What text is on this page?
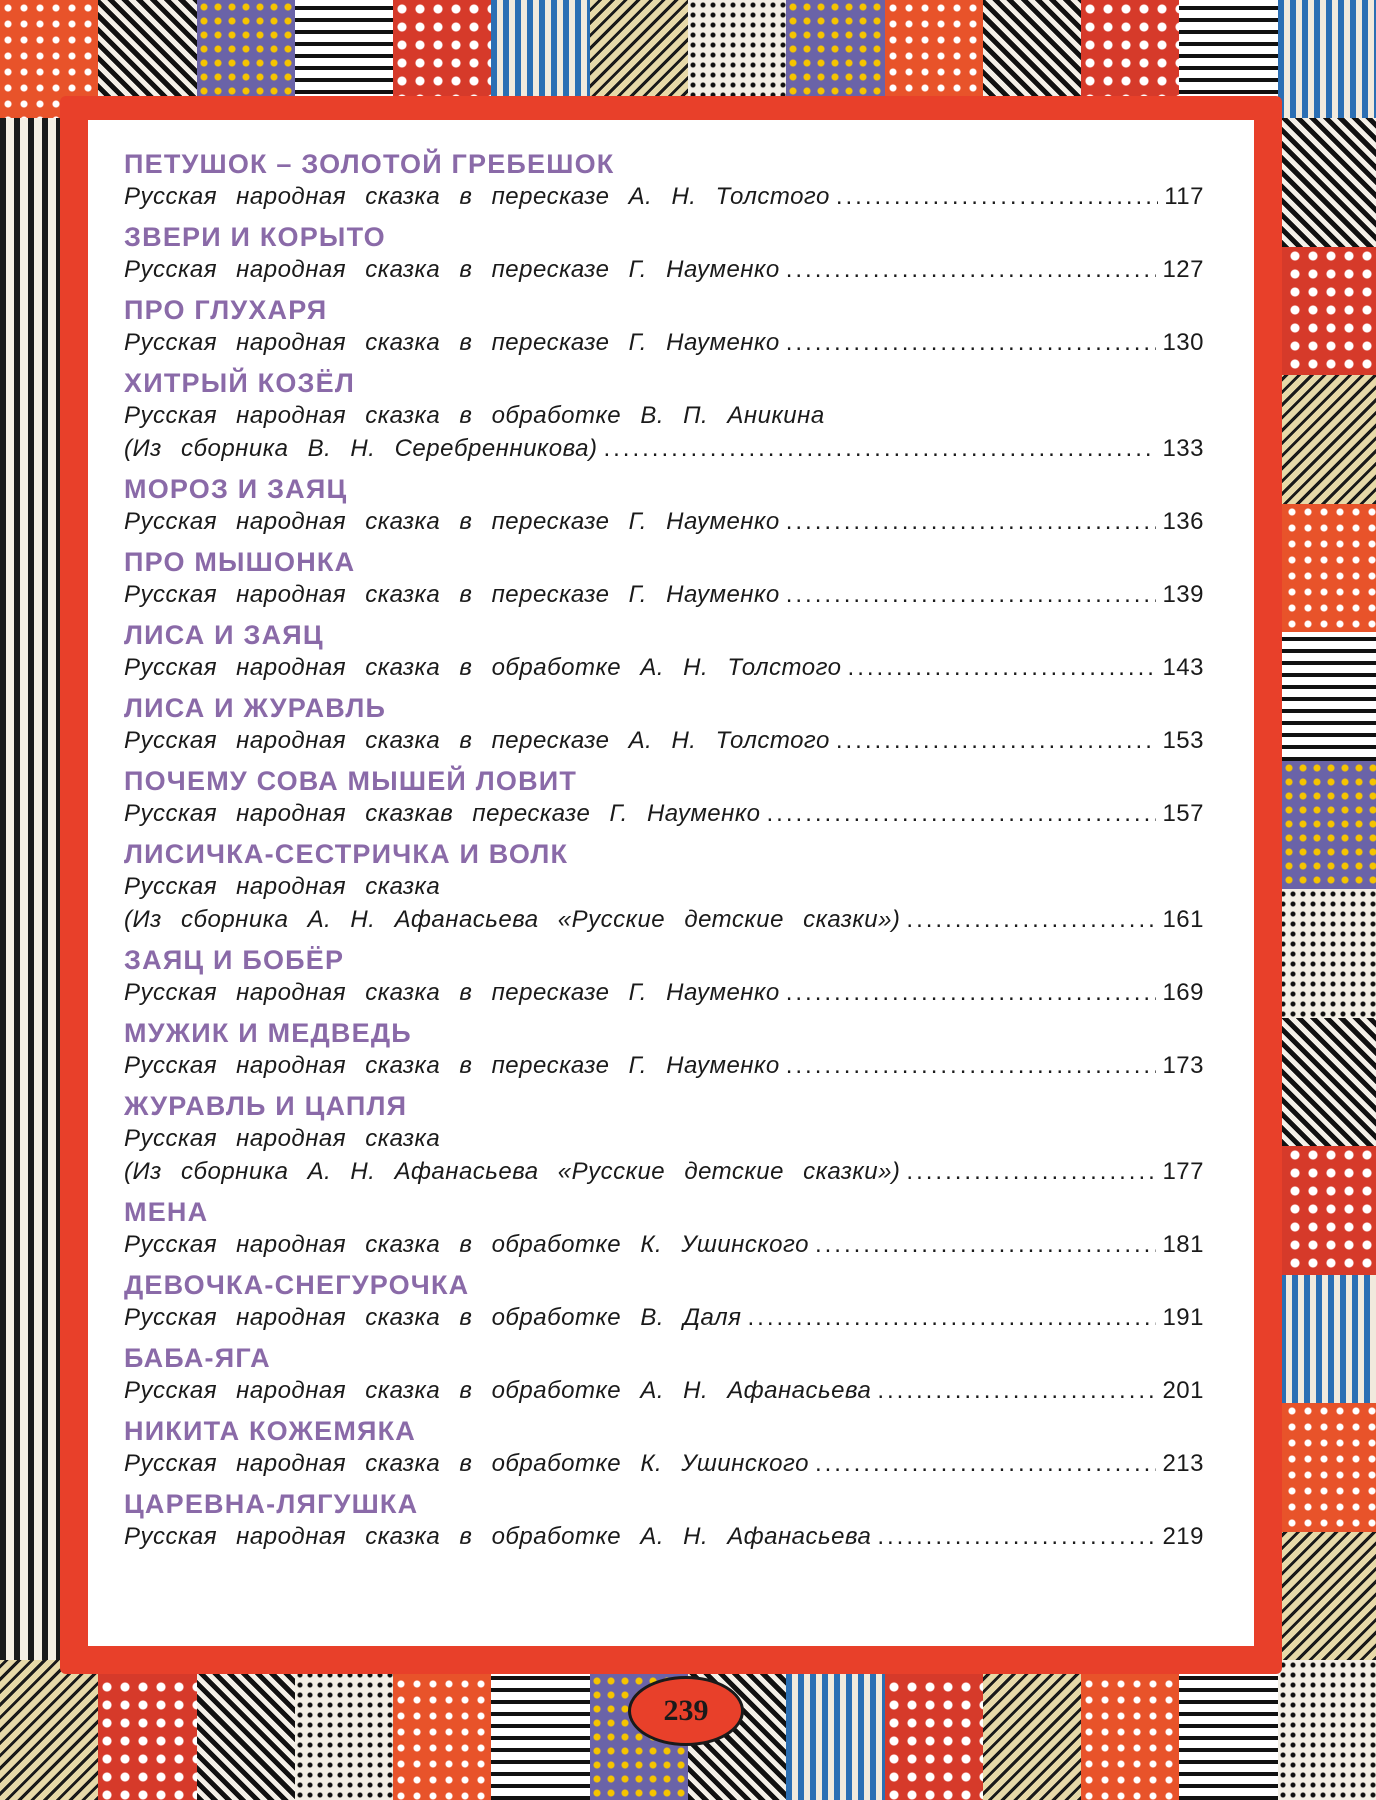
ПЕТУШОК – ЗОЛОТОЙ ГРЕБЕШОК
Русская народная сказка в пересказе А. Н. Толстого .....	117
ЗВЕРИ И КОРЫТО
Русская народная сказка в пересказе Г. Науменко .....	127
ПРО ГЛУХАРЯ
Русская народная сказка в пересказе Г. Науменко .....	130
ХИТРЫЙ КОЗЁЛ
Русская народная сказка в обработке В. П. Аникина
(Из сборника В. Н. Серебренникова) .....	133
МОРОЗ И ЗАЯЦ
Русская народная сказка в пересказе Г. Науменко .....	136
ПРО МЫШОНКА
Русская народная сказка в пересказе Г. Науменко .....	139
ЛИСА И ЗАЯЦ
Русская народная сказка в обработке А. Н. Толстого .....	143
ЛИСА И ЖУРАВЛЬ
Русская народная сказка в пересказе А. Н. Толстого .....	153
ПОЧЕМУ СОВА МЫШЕЙ ЛОВИТ
Русская народная сказкав пересказе Г. Науменко .....	157
ЛИСИЧКА-СЕСТРИЧКА И ВОЛК
Русская народная сказка
(Из сборника А. Н. Афанасьева «Русские детские сказки») .....	161
ЗАЯЦ И БОБЁР
Русская народная сказка в пересказе Г. Науменко .....	169
МУЖИК И МЕДВЕДЬ
Русская народная сказка в пересказе Г. Науменко .....	173
ЖУРАВЛЬ И ЦАПЛЯ
Русская народная сказка
(Из сборника А. Н. Афанасьева «Русские детские сказки») .....	177
МЕНА
Русская народная сказка в обработке К. Ушинского .....	181
ДЕВОЧКА-СНЕГУРОЧКА
Русская народная сказка в обработке В. Даля .....	191
БАБА-ЯГА
Русская народная сказка в обработке А. Н. Афанасьева .....	201
НИКИТА КОЖЕМЯКА
Русская народная сказка в обработке К. Ушинского .....	213
ЦАРЕВНА-ЛЯГУШКА
Русская народная сказка в обработке А. Н. Афанасьева .....	219
239
